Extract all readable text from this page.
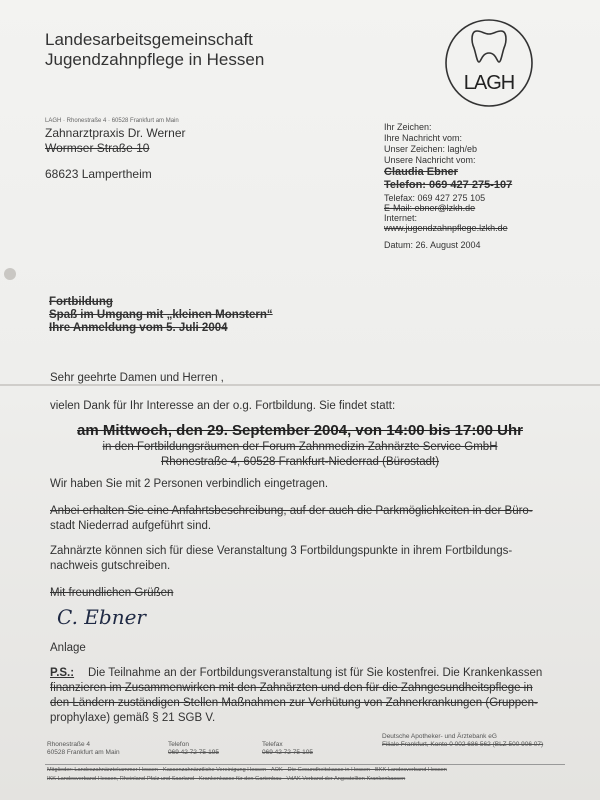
Landesarbeitsgemeinschaft
Jugendzahnpflege in Hessen
LAGH
LAGH · Rhonestraße 4 · 60528 Frankfurt am Main
Zahnarztpraxis Dr. Werner
Wormser Straße 10
68623 Lampertheim
Ihr Zeichen:
Ihre Nachricht vom:
Unser Zeichen: lagh/eb
Unsere Nachricht vom:
Claudia Ebner
Telefon: 069 427 275-107
Telefax: 069 427 275 105
E-Mail: ebner@lzkh.de
Internet:
www.jugendzahnpflege.lzkh.de
Datum: 26. August 2004
Fortbildung
Spaß im Umgang mit „kleinen Monstern“
Ihre Anmeldung vom 5. Juli 2004
Sehr geehrte Damen und Herren ,
vielen Dank für Ihr Interesse an der o.g. Fortbildung. Sie findet statt:
am Mittwoch, den 29. September 2004, von 14:00 bis 17:00 Uhr
in den Fortbildungsräumen der Forum Zahnmedizin Zahnärzte Service GmbH
Rhonestraße 4, 60528 Frankfurt-Niederrad (Bürostadt)
Wir haben Sie mit 2 Personen verbindlich eingetragen.
Anbei erhalten Sie eine Anfahrtsbeschreibung, auf der auch die Parkmöglichkeiten in der Büro-
stadt Niederrad aufgeführt sind.
Zahnärzte können sich für diese Veranstaltung 3 Fortbildungspunkte in ihrem Fortbildungs-
nachweis gutschreiben.
Mit freundlichen Grüßen
C. Ebner
Anlage
P.S.: Die Teilnahme an der Fortbildungsveranstaltung ist für Sie kostenfrei. Die Krankenkassen
finanzieren im Zusammenwirken mit den Zahnärzten und den für die Zahngesundheitspflege in
den Ländern zuständigen Stellen Maßnahmen zur Verhütung von Zahnerkrankungen (Gruppen-
prophylaxe) gemäß § 21 SGB V.
Rhonestraße 4
60528 Frankfurt am Main
Telefon
069 42 72 75-195
Telefax
069 42 72 75-105
Deutsche Apotheker- und Ärztebank eG
Filiale Frankfurt, Konto 0 002 686 562 (BLZ 500 906 07)
Mitglieder: Landeszahnärztekammer Hessen · Kassenzahnärztliche Vereinigung Hessen · AOK - Die Gesundheitskasse in Hessen · BKK Landesverband Hessen
IKK Landesverband Hessen, Rheinland-Pfalz und Saarland · Krankenkasse für den Gartenbau · VdAK Verband der Angestellten-Krankenkassen
